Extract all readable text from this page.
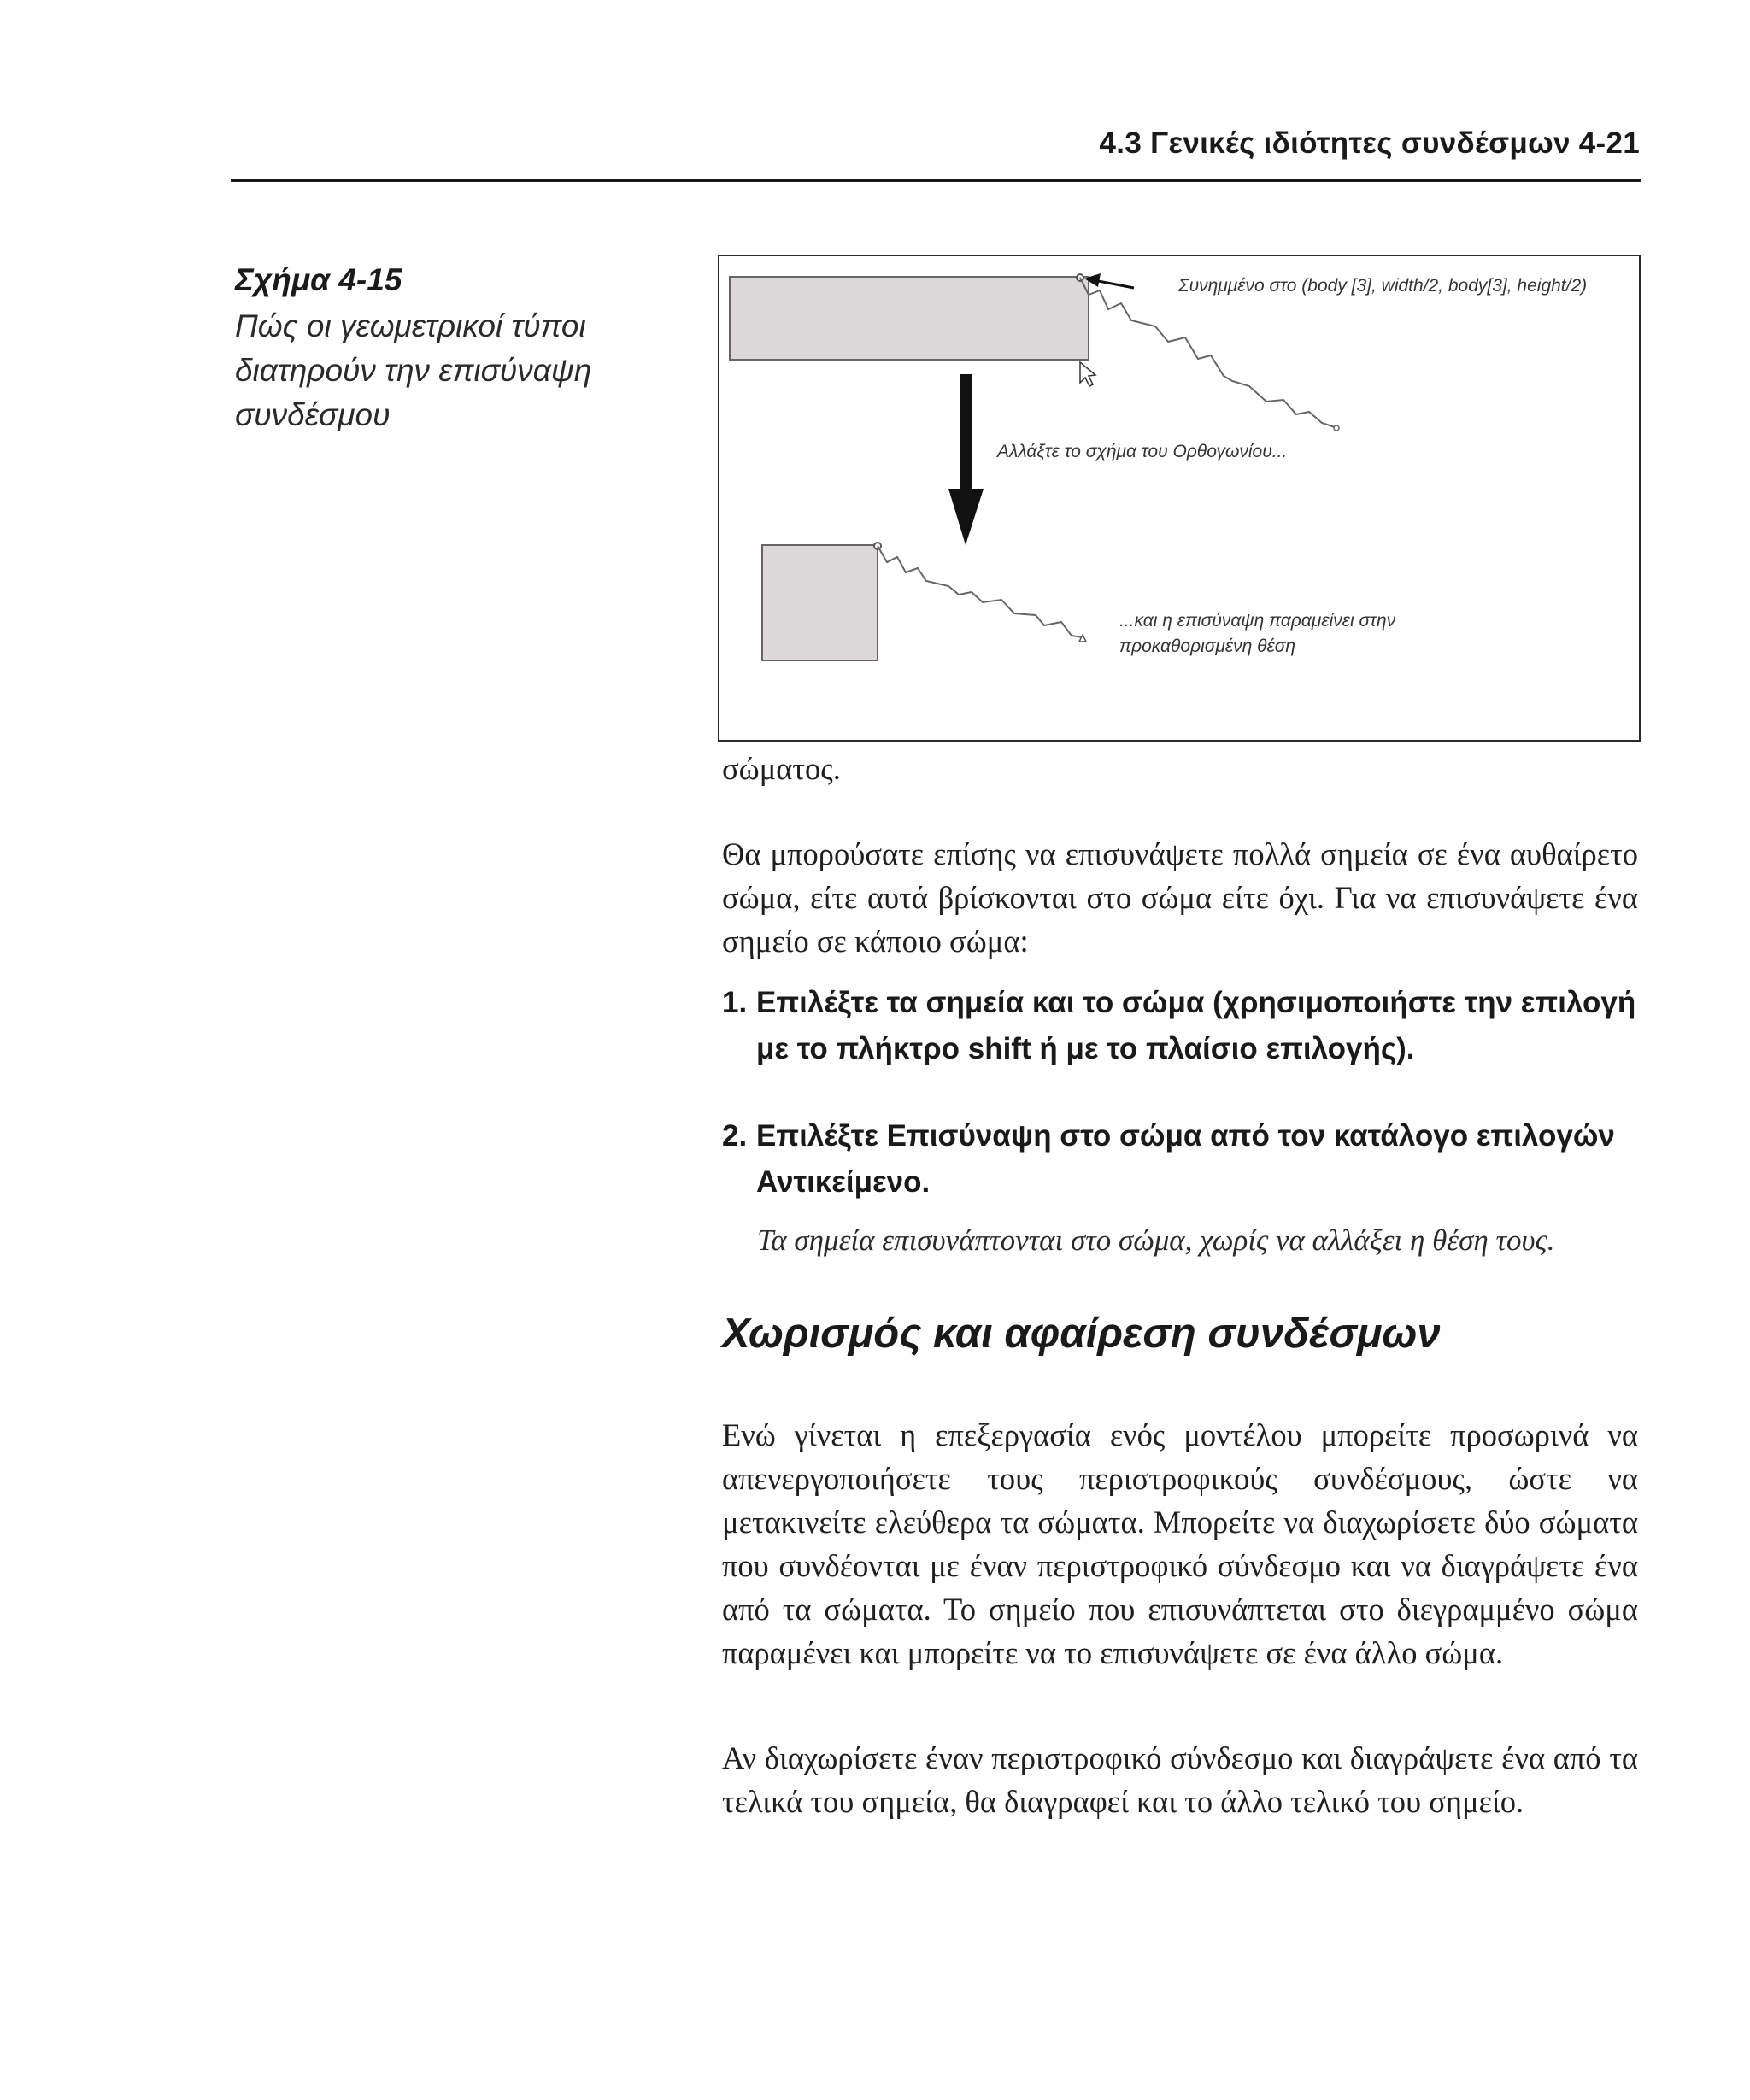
4.3 Γενικές ιδιότητες συνδέσμων 4-21

Σχήμα 4-15

Πώς οι γεωμετρικοί τύποι

διατηρούν την επισύναψη

συνδέσμου

Συνημμένο στο (body [3], width/2, body[3], height/2)
Αλλάξτε το σχήμα του Ορθογωνίου...
...και η επισύναψη παραμείνει στην
προκαθορισμένη θέση

σώματος.

Θα μπορούσατε επίσης να επισυνάψετε πολλά σημεία σε ένα αυθαίρετο σώμα, είτε αυτά βρίσκονται στο σώμα είτε όχι. Για να επισυνάψετε ένα σημείο σε κάποιο σώμα:

1. Επιλέξτε τα σημεία και το σώμα (χρησιμοποιήστε την επιλογή με το πλήκτρο shift ή με το πλαίσιο επιλογής).
2. Επιλέξτε Επισύναψη στο σώμα από τον κατάλογο επιλογών Αντικείμενο.
Τα σημεία επισυνάπτονται στο σώμα, χωρίς να αλλάξει η θέση τους.
Χωρισμός και αφαίρεση συνδέσμων

Ενώ γίνεται η επεξεργασία ενός μοντέλου μπορείτε προσωρινά να απενεργοποιήσετε τους περιστροφικούς συνδέσμους, ώστε να μετακινείτε ελεύθερα τα σώματα. Μπορείτε να διαχωρίσετε δύο σώματα που συνδέονται με έναν περιστροφικό σύνδεσμο και να διαγράψετε ένα από τα σώματα. Το σημείο που επισυνάπτεται στο διεγραμμένο σώμα παραμένει και μπορείτε να το επισυνάψετε σε ένα άλλο σώμα.

Αν διαχωρίσετε έναν περιστροφικό σύνδεσμο και διαγράψετε ένα από τα τελικά του σημεία, θα διαγραφεί και το άλλο τελικό του σημείο.
